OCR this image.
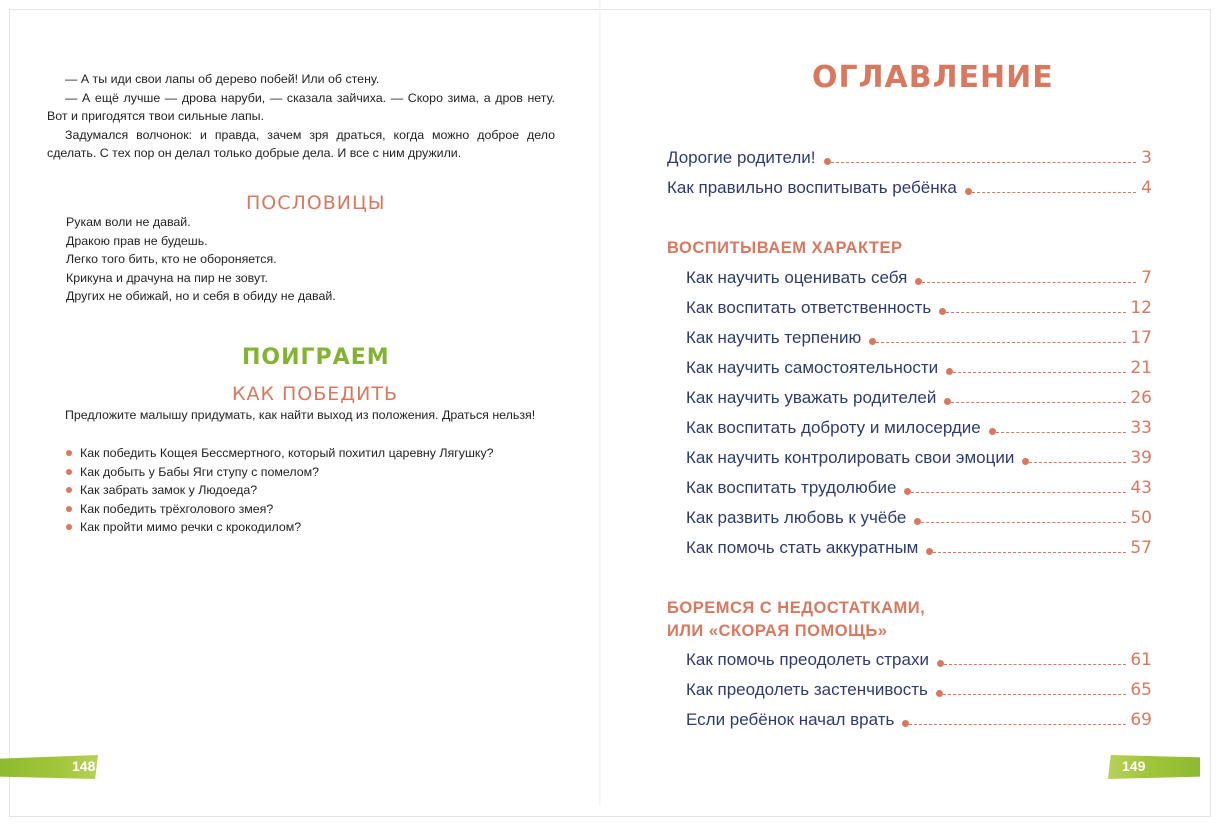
— А ты иди свои лапы об дерево побей! Или об стену.

— А ещё лучше — дрова наруби, — сказала зайчиха. — Скоро зима, а дров нету. Вот и пригодятся твои сильные лапы.

Задумался волчонок: и правда, зачем зря драться, когда можно доброе дело сделать. С тех пор он делал только добрые дела. И все с ним дружили.

ПОСЛОВИЦЫ
Рукам воли не давай.
Дракою прав не будешь.
Легко того бить, кто не обороняется.
Крикуна и драчуна на пир не зовут.
Других не обижай, но и себя в обиду не давай.
ПОИГРАЕМ
КАК ПОБЕДИТЬ

Предложите малышу придумать, как найти выход из положения. Драться нельзя!

Как победить Кощея Бессмертного, который похитил царевну Лягушку?
Как добыть у Бабы Яги ступу с помелом?
Как забрать замок у Людоеда?
Как победить трёхголового змея?
Как пройти мимо речки с крокодилом?
148
ОГЛАВЛЕНИЕ
Дорогие родители!	3
Как правильно воспитывать ребёнка	4
ВОСПИТЫВАЕМ ХАРАКТЕР
Как научить оценивать себя	7
Как воспитать ответственность	12
Как научить терпению	17
Как научить самостоятельности	21
Как научить уважать родителей	26
Как воспитать доброту и милосердие	33
Как научить контролировать свои эмоции	39
Как воспитать трудолюбие	43
Как развить любовь к учёбе	50
Как помочь стать аккуратным	57
БОРЕМСЯ С НЕДОСТАТКАМИ,
ИЛИ «СКОРАЯ ПОМОЩЬ»
Как помочь преодолеть страхи	61
Как преодолеть застенчивость	65
Если ребёнок начал врать	69
149
